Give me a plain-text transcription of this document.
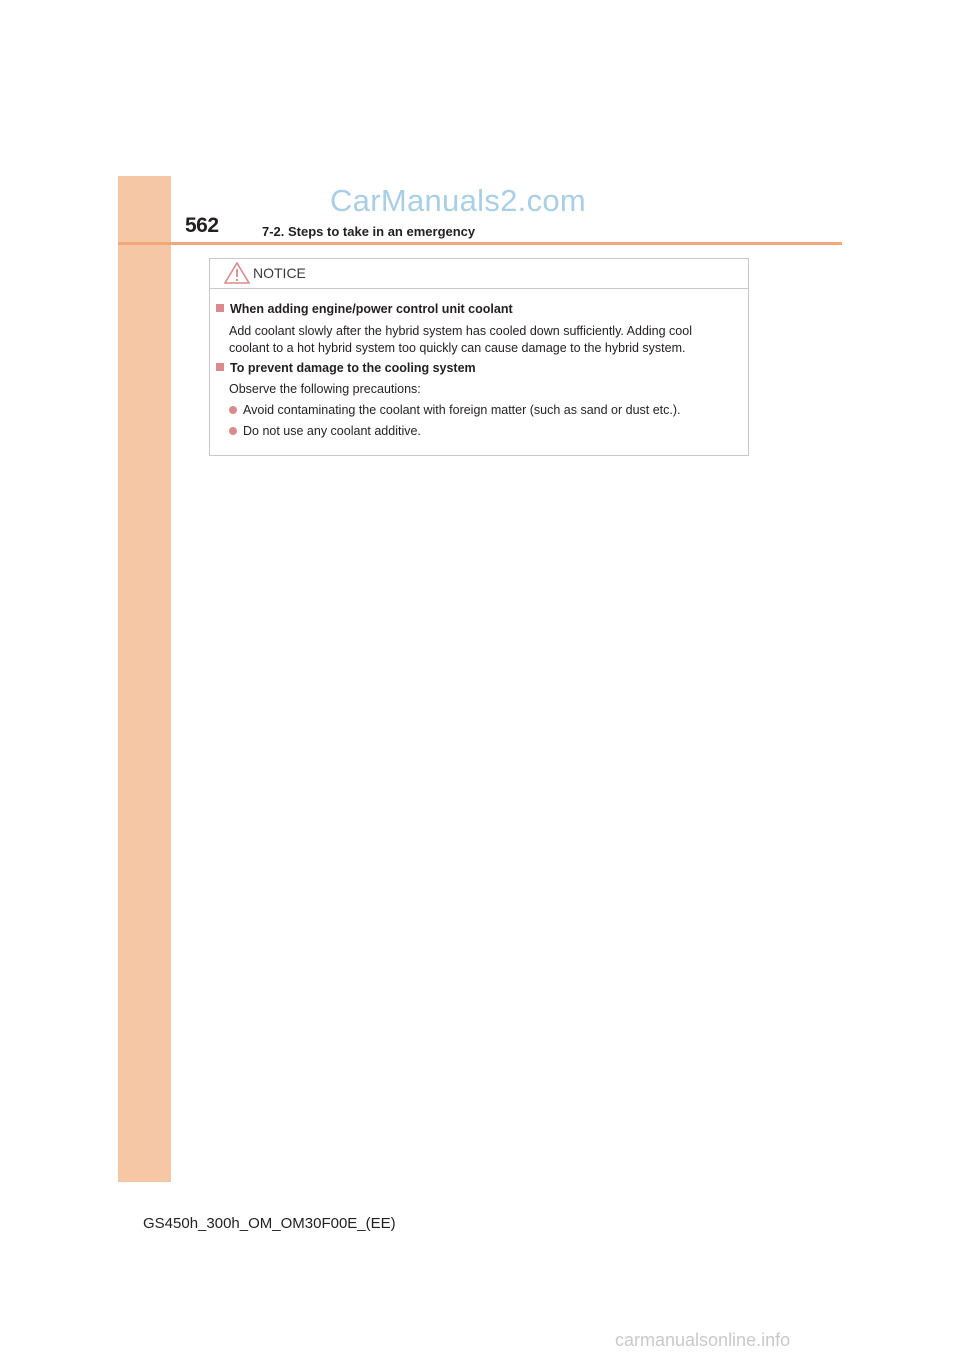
CarManuals2.com
562	7-2. Steps to take in an emergency
NOTICE
When adding engine/power control unit coolant
Add coolant slowly after the hybrid system has cooled down sufficiently. Adding cool
coolant to a hot hybrid system too quickly can cause damage to the hybrid system.
To prevent damage to the cooling system
Observe the following precautions:
Avoid contaminating the coolant with foreign matter (such as sand or dust etc.).
Do not use any coolant additive.
GS450h_300h_OM_OM30F00E_(EE)
carmanualsonline.info
